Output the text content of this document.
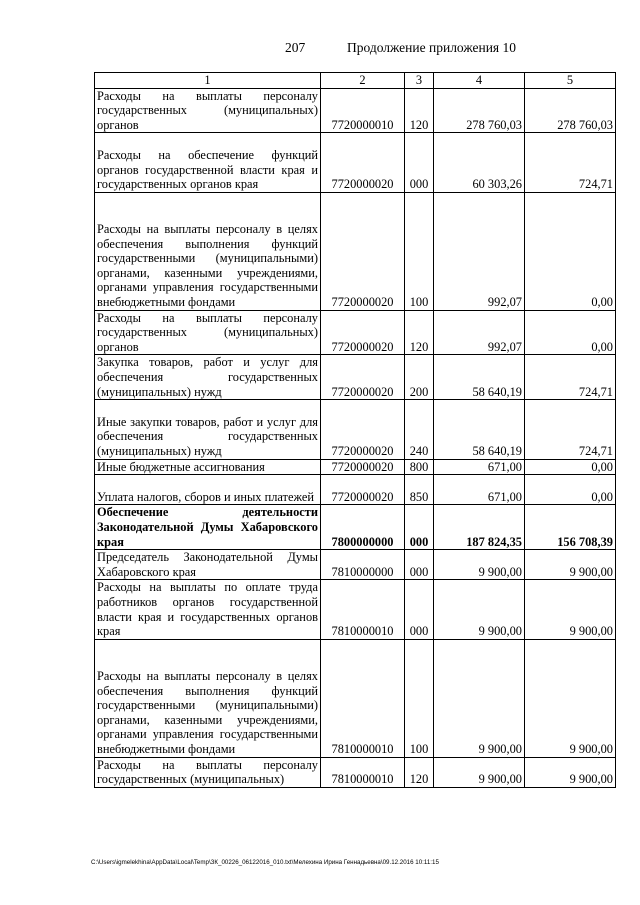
207	Продолжение приложения 10
1	2	3	4	5
Расходы на выплаты персоналу государственных (муниципальных) органов	7720000010	120	278 760,03	278 760,03
Расходы на обеспечение функций органов государственной власти края и государственных органов края	7720000020	000	60 303,26	724,71
Расходы на выплаты персоналу в целях обеспечения выполнения функций государственными (муниципальными) органами, казенными учреждениями, органами управления государственными внебюджетными фондами	7720000020	100	992,07	0,00
Расходы на выплаты персоналу государственных (муниципальных) органов	7720000020	120	992,07	0,00
Закупка товаров, работ и услуг для обеспечения государственных (муниципальных) нужд	7720000020	200	58 640,19	724,71
Иные закупки товаров, работ и услуг для обеспечения государственных (муниципальных) нужд	7720000020	240	58 640,19	724,71
Иные бюджетные ассигнования	7720000020	800	671,00	0,00
Уплата налогов, сборов и иных платежей	7720000020	850	671,00	0,00
Обеспечение деятельности Законодательной Думы Хабаровского края	7800000000	000	187 824,35	156 708,39
Председатель Законодательной Думы Хабаровского края	7810000000	000	9 900,00	9 900,00
Расходы на выплаты по оплате труда работников органов государственной власти края и государственных органов края	7810000010	000	9 900,00	9 900,00
Расходы на выплаты персоналу в целях обеспечения выполнения функций государственными (муниципальными) органами, казенными учреждениями, органами управления государственными внебюджетными фондами	7810000010	100	9 900,00	9 900,00
Расходы на выплаты персоналу государственных (муниципальных)	7810000010	120	9 900,00	9 900,00
C:\Users\igmelekhina\AppData\Local\Temp\ЗК_00226_06122016_010.txt\Мелехина Ирина Геннадьевна\09.12.2016 10:11:15
